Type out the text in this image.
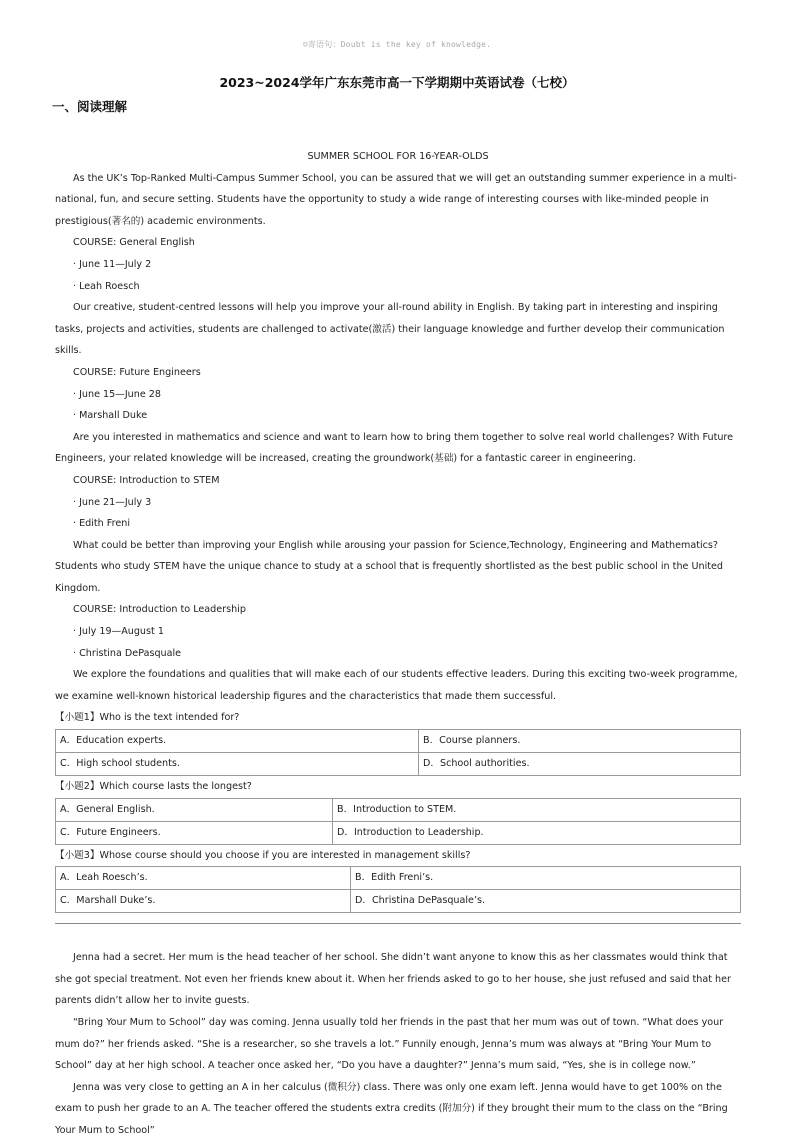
☺寄语句：Doubt is the key of knowledge.
2023~2024学年广东东莞市高一下学期期中英语试卷（七校）
一、阅读理解

SUMMER SCHOOL FOR 16-YEAR-OLDS

As the UK’s Top-Ranked Multi-Campus Summer School, you can be assured that we will get an outstanding summer experience in a multi-national, fun, and secure setting. Students have the opportunity to study a wide range of interesting courses with like-minded people in prestigious(著名的) academic environments.

COURSE: General English

· June 11—July 2

· Leah Roesch

Our creative, student-centred lessons will help you improve your all-round ability in English. By taking part in interesting and inspiring tasks, projects and activities, students are challenged to activate(激活) their language knowledge and further develop their communication skills.

COURSE: Future Engineers

· June 15—June 28

· Marshall Duke

Are you interested in mathematics and science and want to learn how to bring them together to solve real world challenges? With Future Engineers, your related knowledge will be increased, creating the groundwork(基础) for a fantastic career in engineering.

COURSE: Introduction to STEM

· June 21—July 3

· Edith Freni

What could be better than improving your English while arousing your passion for Science,Technology, Engineering and Mathematics? Students who study STEM have the unique chance to study at a school that is frequently shortlisted as the best public school in the United Kingdom.

COURSE: Introduction to Leadership

· July 19—August 1

· Christina DePasquale

We explore the foundations and qualities that will make each of our students effective leaders. During this exciting two-week programme, we examine well-known historical leadership figures and the characteristics that made them successful.

【小题1】Who is the text intended for?

A．Education experts.	B．Course planners.
C．High school students.	D．School authorities.

【小题2】Which course lasts the longest?

A．General English.	B．Introduction to STEM.
C．Future Engineers.	D．Introduction to Leadership.

【小题3】Whose course should you choose if you are interested in management skills?

A．Leah Roesch’s.	B．Edith Freni’s.
C．Marshall Duke’s.	D．Christina DePasquale’s.

Jenna had a secret. Her mum is the head teacher of her school. She didn’t want anyone to know this as her classmates would think that she got special treatment. Not even her friends knew about it. When her friends asked to go to her house, she just refused and said that her parents didn’t allow her to invite guests.

“Bring Your Mum to School” day was coming. Jenna usually told her friends in the past that her mum was out of town. “What does your mum do?” her friends asked. “She is a researcher, so she travels a lot.” Funnily enough, Jenna’s mum was always at “Bring Your Mum to School” day at her high school. A teacher once asked her, “Do you have a daughter?” Jenna’s mum said, “Yes, she is in college now.”

Jenna was very close to getting an A in her calculus (微积分) class. There was only one exam left. Jenna would have to get 100% on the exam to push her grade to an A. The teacher offered the students extra credits (附加分) if they brought their mum to the class on the “Bring Your Mum to School”
